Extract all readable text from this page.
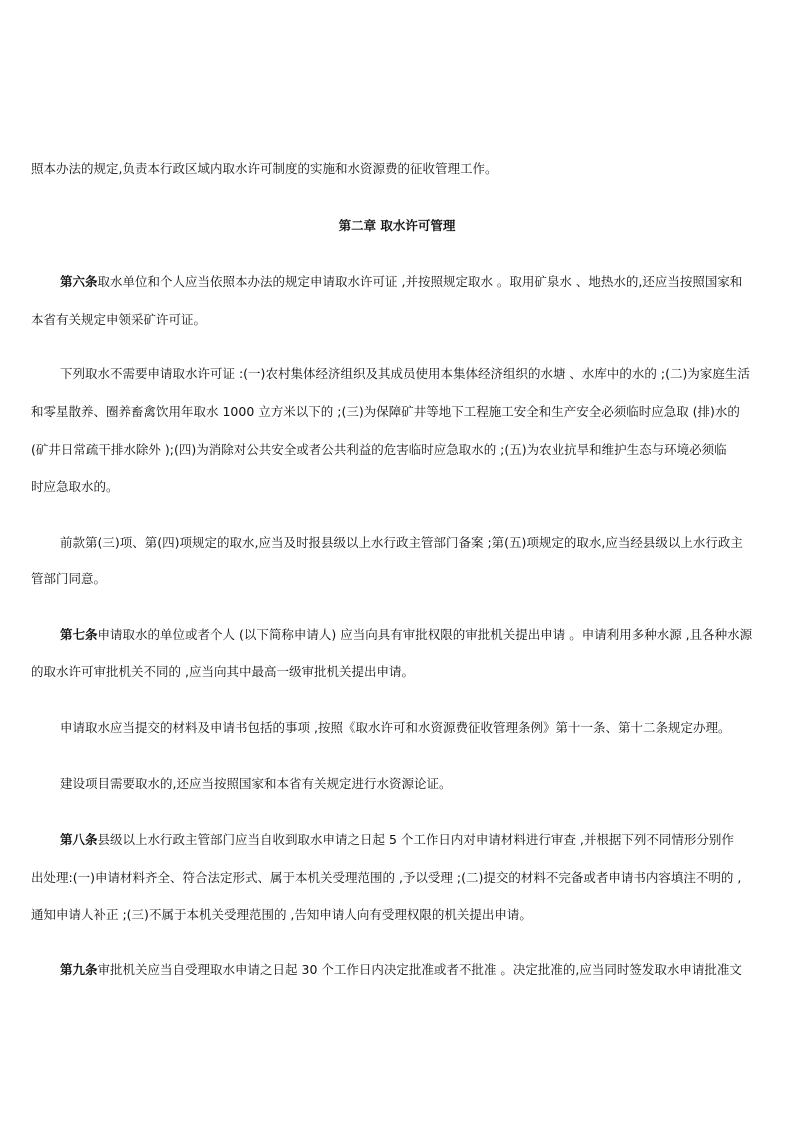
照本办法的规定,负责本行政区域内取水许可制度的实施和水资源费的征收管理工作。
第二章 取水许可管理
第六条取水单位和个人应当依照本办法的规定申请取水许可证 ,并按照规定取水 。取用矿泉水 、地热水的,还应当按照国家和
本省有关规定申领采矿许可证。
下列取水不需要申请取水许可证 :(一)农村集体经济组织及其成员使用本集体经济组织的水塘 、水库中的水的 ;(二)为家庭生活
和零星散养、圈养畜禽饮用年取水 1000 立方米以下的 ;(三)为保障矿井等地下工程施工安全和生产安全必须临时应急取 (排)水的
(矿井日常疏干排水除外 );(四)为消除对公共安全或者公共利益的危害临时应急取水的 ;(五)为农业抗旱和维护生态与环境必须临
时应急取水的。
前款第(三)项、第(四)项规定的取水,应当及时报县级以上水行政主管部门备案 ;第(五)项规定的取水,应当经县级以上水行政主
管部门同意。
第七条申请取水的单位或者个人 (以下简称申请人) 应当向具有审批权限的审批机关提出申请 。申请利用多种水源 ,且各种水源
的取水许可审批机关不同的 ,应当向其中最高一级审批机关提出申请。
申请取水应当提交的材料及申请书包括的事项 ,按照《取水许可和水资源费征收管理条例》第十一条、第十二条规定办理。
建设项目需要取水的,还应当按照国家和本省有关规定进行水资源论证。
第八条县级以上水行政主管部门应当自收到取水申请之日起 5 个工作日内对申请材料进行审查 ,并根据下列不同情形分别作
出处理:(一)申请材料齐全、符合法定形式、属于本机关受理范围的 ,予以受理 ;(二)提交的材料不完备或者申请书内容填注不明的 ,
通知申请人补正 ;(三)不属于本机关受理范围的 ,告知申请人向有受理权限的机关提出申请。
第九条审批机关应当自受理取水申请之日起 30 个工作日内决定批准或者不批准 。决定批准的,应当同时签发取水申请批准文
